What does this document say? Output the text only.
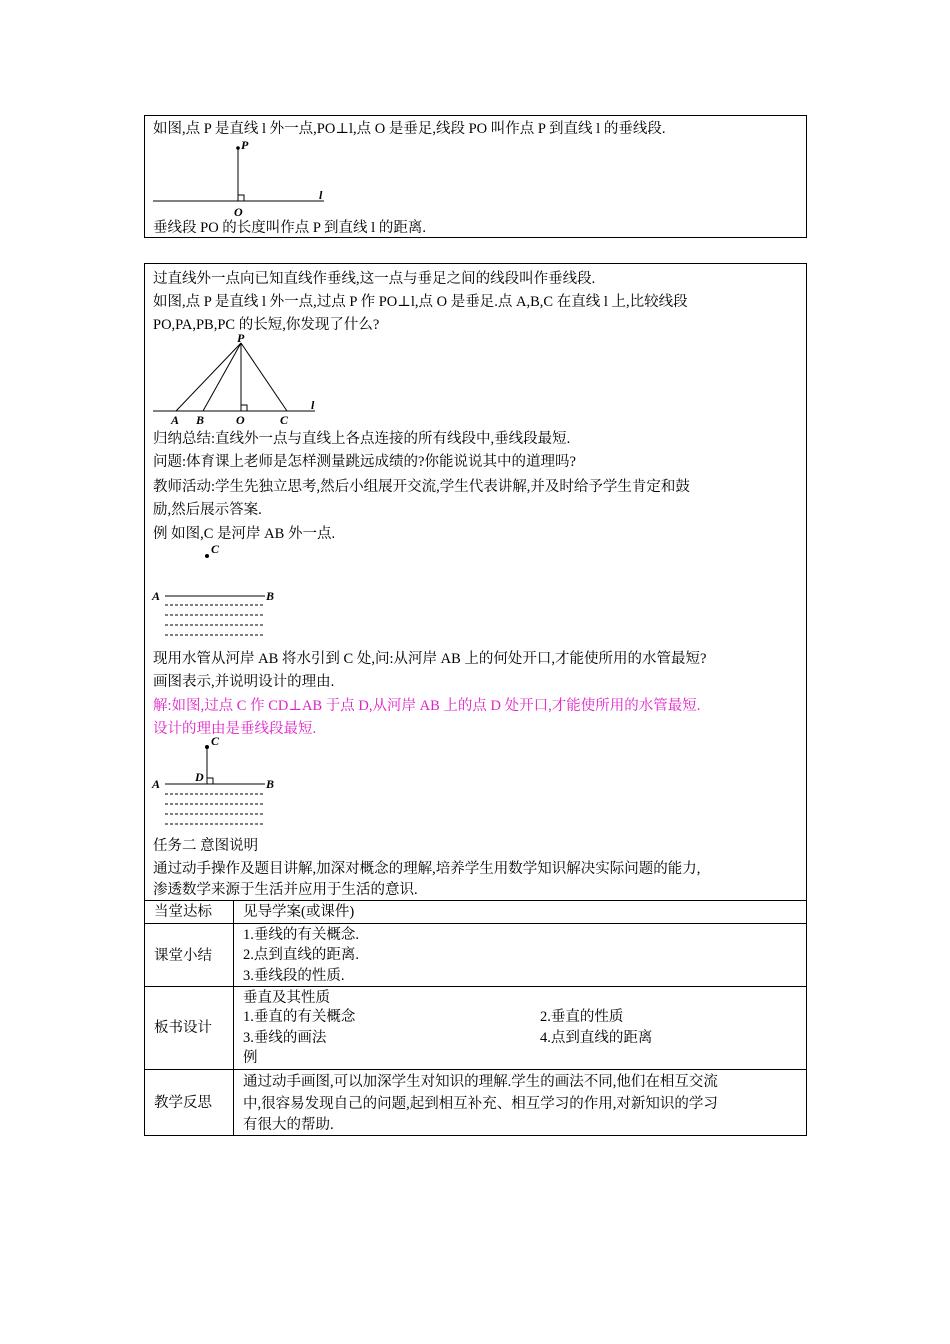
如图,点 P 是直线 l 外一点,PO⊥l,点 O 是垂足,线段 PO 叫作点 P 到直线 l 的垂线段.
P
O
l
垂线段 PO 的长度叫作点 P 到直线 l 的距离.
过直线外一点向已知直线作垂线,这一点与垂足之间的线段叫作垂线段.
如图,点 P 是直线 l 外一点,过点 P 作 PO⊥l,点 O 是垂足.点 A,B,C 在直线 l 上,比较线段
PO,PA,PB,PC 的长短,你发现了什么?
P
A B	O	C
l
归纳总结:直线外一点与直线上各点连接的所有线段中,垂线段最短.
问题:体育课上老师是怎样测量跳远成绩的?你能说说其中的道理吗?
教师活动:学生先独立思考,然后小组展开交流,学生代表讲解,并及时给予学生肯定和鼓
励,然后展示答案.
例 如图,C 是河岸 AB 外一点.
C
A	B
现用水管从河岸 AB 将水引到 C 处,问:从河岸 AB 上的何处开口,才能使所用的水管最短?
画图表示,并说明设计的理由.
解:如图,过点 C 作 CD⊥AB 于点 D,从河岸 AB 上的点 D 处开口,才能使所用的水管最短.
设计的理由是垂线段最短.
C
D
A	B
任务二 意图说明
通过动手操作及题目讲解,加深对概念的理解,培养学生用数学知识解决实际问题的能力,
渗透数学来源于生活并应用于生活的意识.
当堂达标 见导学案(或课件)
课堂小结
1.垂线的有关概念.
2.点到直线的距离.
3.垂线段的性质.
板书设计
垂直及其性质
1.垂直的有关概念	2.垂直的性质
3.垂线的画法	4.点到直线的距离
例
教学反思
通过动手画图,可以加深学生对知识的理解.学生的画法不同,他们在相互交流
中,很容易发现自己的问题,起到相互补充、相互学习的作用,对新知识的学习
有很大的帮助.
